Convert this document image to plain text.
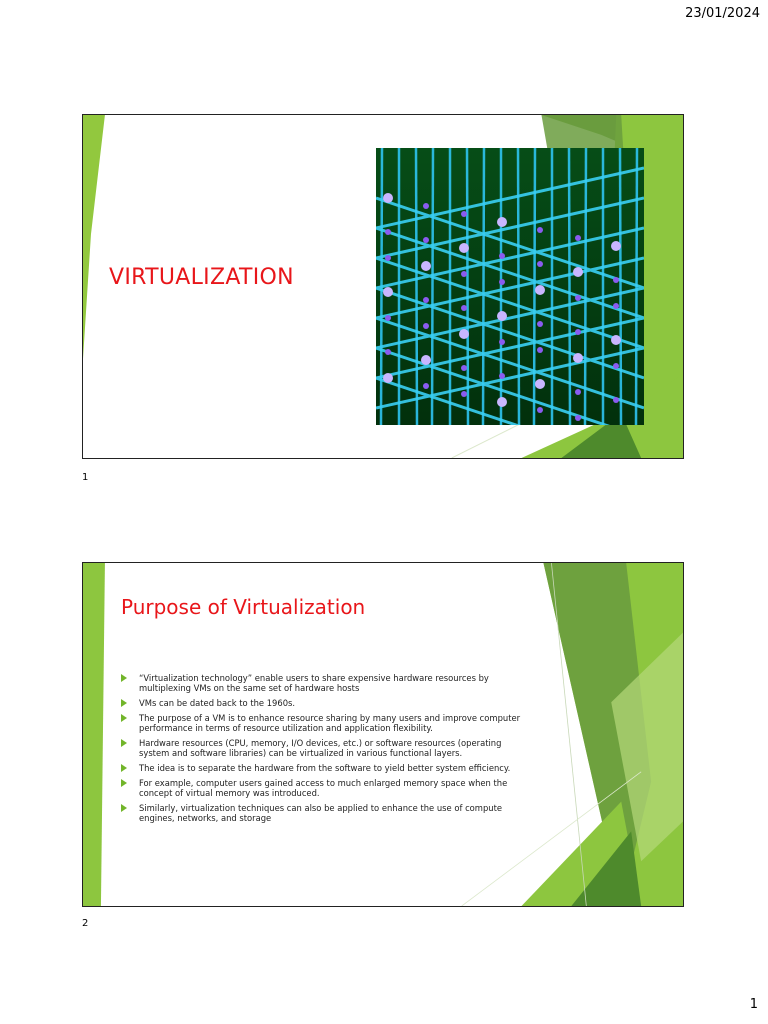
23/01/2024
VIRTUALIZATION
1
Purpose of Virtualization
“Virtualization technology” enable users to share expensive hardware resources by multiplexing VMs on the same set of hardware hosts
VMs can be dated back to the 1960s.
The purpose of a VM is to enhance resource sharing by many users and improve computer performance in terms of resource utilization and application flexibility.
Hardware resources (CPU, memory, I/O devices, etc.) or software resources (operating system and software libraries) can be virtualized in various functional layers.
The idea is to separate the hardware from the software to yield better system efficiency.
For example, computer users gained access to much enlarged memory space when the concept of virtual memory was introduced.
Similarly, virtualization techniques can also be applied to enhance the use of compute engines, networks, and storage
2
1
